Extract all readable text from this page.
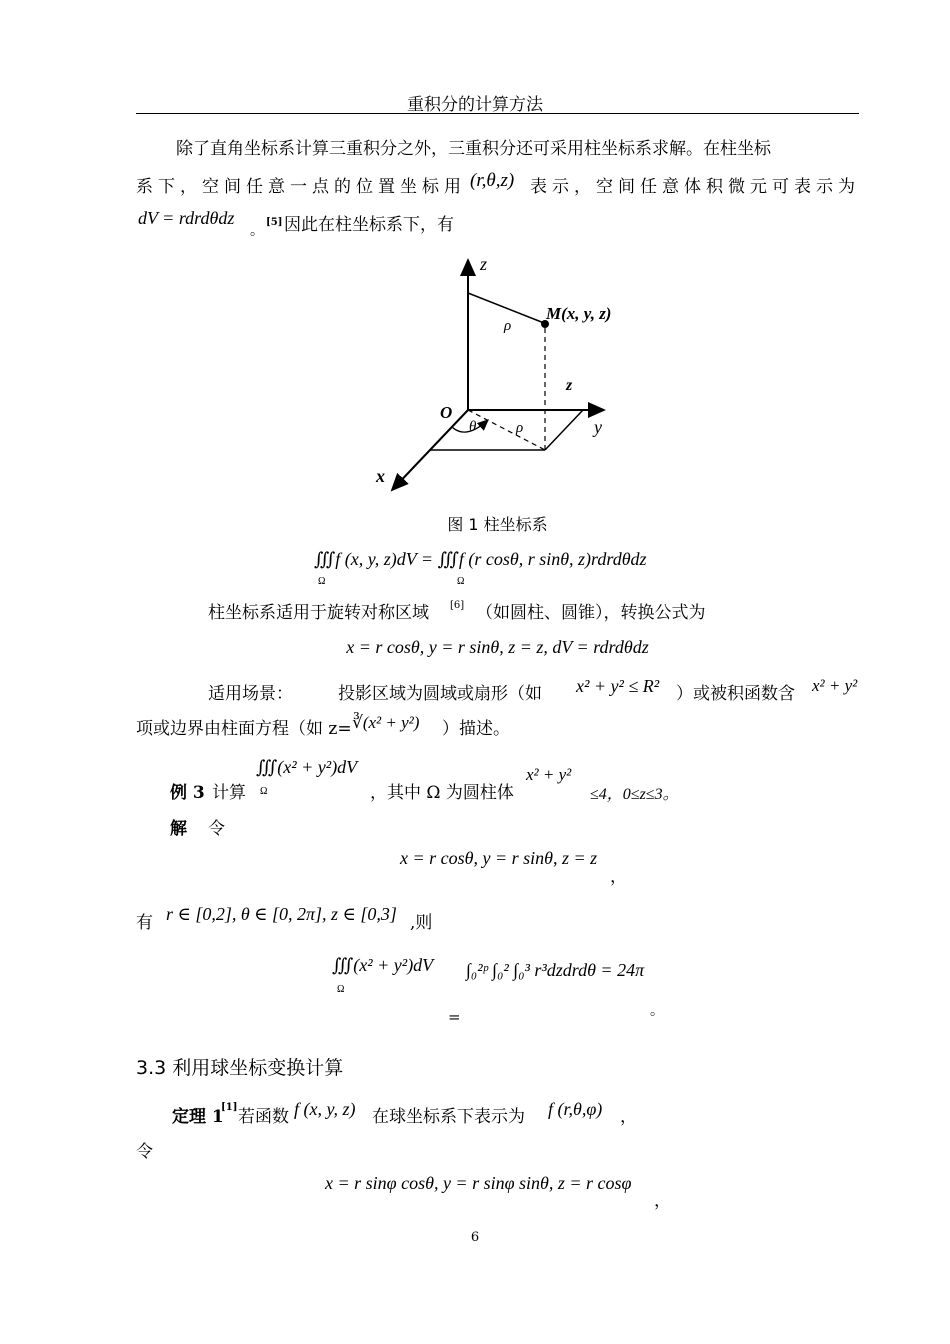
重积分的计算方法
除了直角坐标系计算三重积分之外，三重积分还可采用柱坐标系求解。在柱坐标
系下，空间任意一点的位置坐标用 (r,θ,z) 表示，空间任意体积微元可表示为
dV = rdrdθdz
。
[5] 因此在柱坐标系下，有
z
y
x
O
M(x, y, z)
ρ
ρ
z
θ
图 1 柱坐标系
∭f (x, y, z)dV = ∭f (r cosθ, r sinθ, z)rdrdθdz
Ω	Ω
柱坐标系适用于旋转对称区域 [6] （如圆柱、圆锥），转换公式为
x = r cosθ, y = r sinθ, z = z, dV = rdrdθdz
适用场景：	投影区域为圆域或扇形（如 x² + y² ≤ R² ）或被积函数含 x² + y²
项或边界由柱面方程（如 z= ∛(x² + y²) ）描述。
∭(x² + y²)dV
Ω
例 3 计算	，其中 Ω 为圆柱体
x² + y²
≤4，0≤z≤3。
解 令
x = r cosθ, y = r sinθ, z = z
，
有 r ∈ [0,2], θ ∈ [0, 2π], z ∈ [0,3] ,则
∭(x² + y²)dV
Ω
∫₀²ᵖ ∫₀² ∫₀³ r³dzdrdθ = 24π
=	。
3.3 利用球坐标变换计算
定理 1
[1] 若函数 f (x, y, z) 在球坐标系下表示为 f (r,θ,φ) ，
令
x = r sinφ cosθ, y = r sinφ sinθ, z = r cosφ
，
6
